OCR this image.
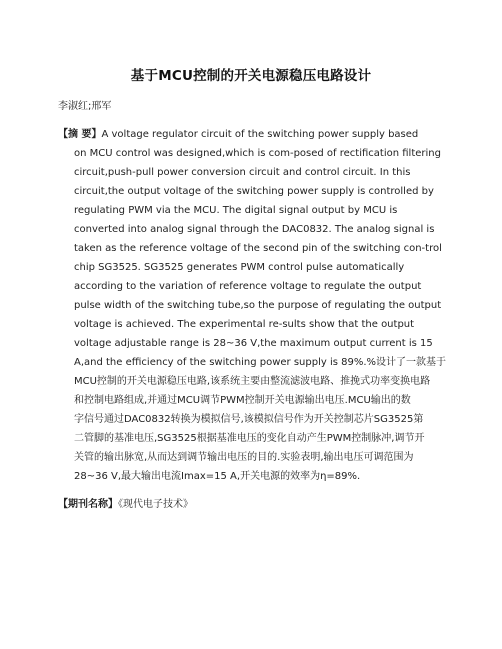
基于MCU控制的开关电源稳压电路设计
李淑红;邢军
【摘 要】A voltage regulator circuit of the switching power supply based
on MCU control was designed,which is com-posed of rectification filtering
circuit,push-pull power conversion circuit and control circuit. In this
circuit,the output voltage of the switching power supply is controlled by
regulating PWM via the MCU. The digital signal output by MCU is
converted into analog signal through the DAC0832. The analog signal is
taken as the reference voltage of the second pin of the switching con-trol
chip SG3525. SG3525 generates PWM control pulse automatically
according to the variation of reference voltage to regulate the output
pulse width of the switching tube,so the purpose of regulating the output
voltage is achieved. The experimental re-sults show that the output
voltage adjustable range is 28~36 V,the maximum output current is 15
A,and the efficiency of the switching power supply is 89%.%设计了一款基于
MCU控制的开关电源稳压电路,该系统主要由整流滤波电路、推挽式功率变换电路
和控制电路组成,并通过MCU调节PWM控制开关电源输出电压.MCU输出的数
字信号通过DAC0832转换为模拟信号,该模拟信号作为开关控制芯片SG3525第
二管脚的基准电压,SG3525根据基准电压的变化自动产生PWM控制脉冲,调节开
关管的输出脉宽,从而达到调节输出电压的目的.实验表明,输出电压可调范围为
28~36 V,最大输出电流Imax=15 A,开关电源的效率为η=89%.
【期刊名称】《现代电子技术》
